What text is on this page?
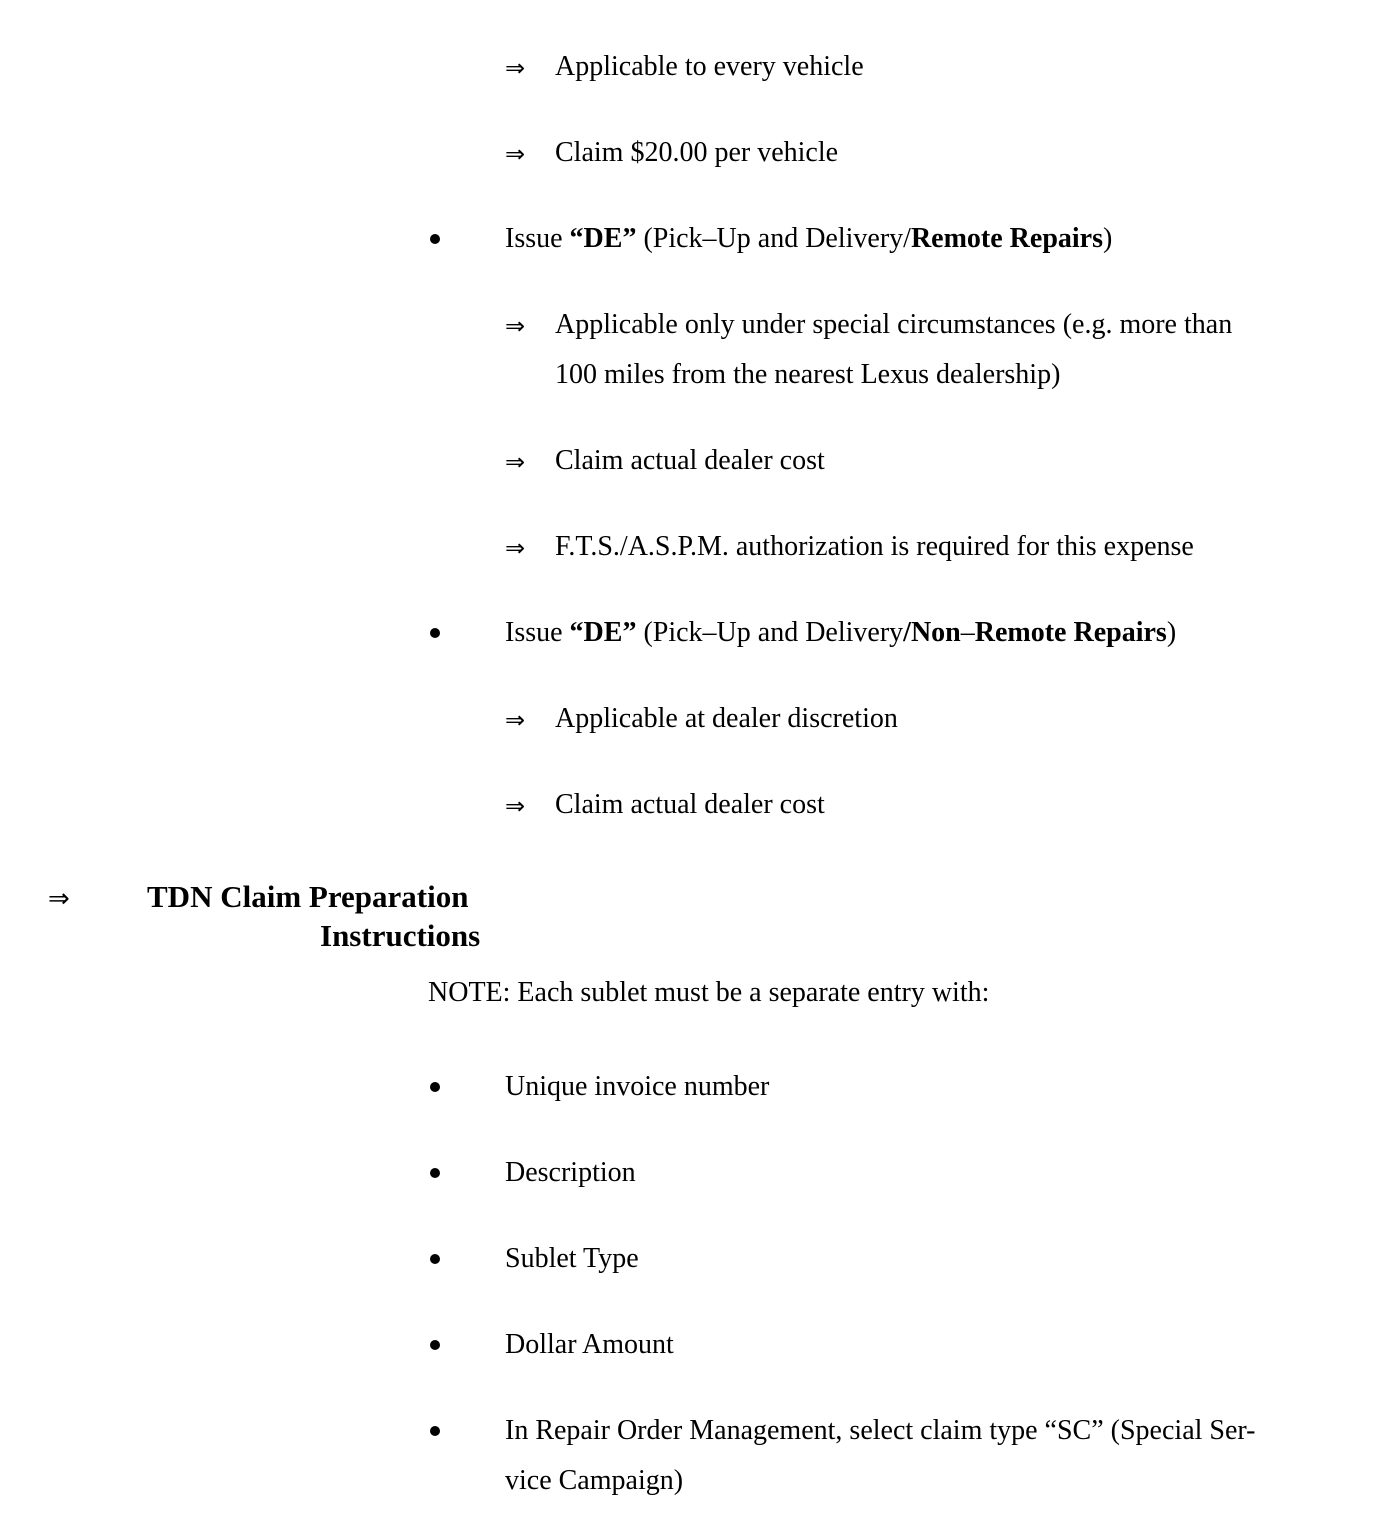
⇒ Applicable to every vehicle
⇒ Claim $20.00 per vehicle
Issue “DE” (Pick–Up and Delivery/Remote Repairs)
⇒ Applicable only under special circumstances (e.g. more than
100 miles from the nearest Lexus dealership)
⇒ Claim actual dealer cost
⇒ F.T.S./A.S.P.M. authorization is required for this expense
Issue “DE” (Pick–Up and Delivery/Non–Remote Repairs)
⇒ Applicable at dealer discretion
⇒ Claim actual dealer cost
⇒ TDN Claim Preparation
Instructions
NOTE: Each sublet must be a separate entry with:
Unique invoice number
Description
Sublet Type
Dollar Amount
In Repair Order Management, select claim type “SC” (Special Ser-
vice Campaign)
